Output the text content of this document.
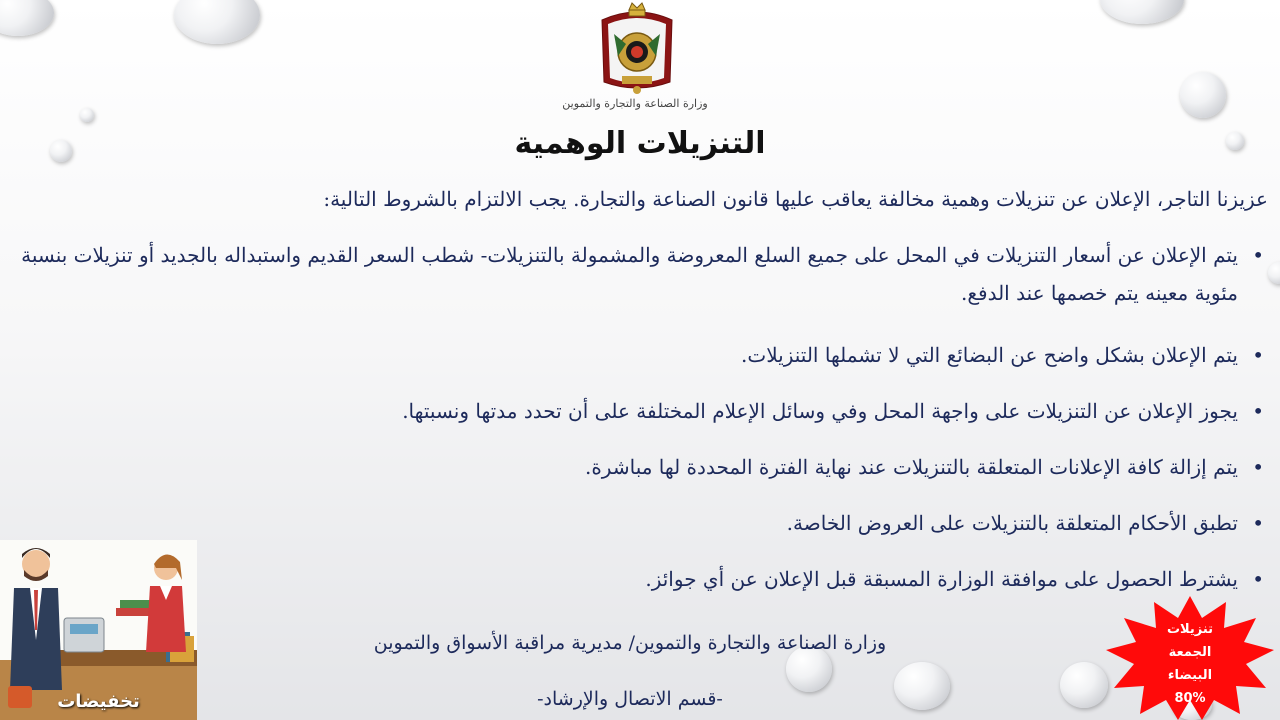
وزارة الصناعة والتجارة والتموين
التنزيلات الوهمية
عزيزنا التاجر، الإعلان عن تنزيلات وهمية مخالفة يعاقب عليها قانون الصناعة والتجارة. يجب الالتزام بالشروط التالية:
• يتم الإعلان عن أسعار التنزيلات في المحل على جميع السلع المعروضة والمشمولة بالتنزيلات- شطب السعر القديم واستبداله بالجديد أو تنزيلات بنسبة مئوية معينه يتم خصمها عند الدفع.
• يتم الإعلان بشكل واضح عن البضائع التي لا تشملها التنزيلات.
• يجوز الإعلان عن التنزيلات على واجهة المحل وفي وسائل الإعلام المختلفة على أن تحدد مدتها ونسبتها.
• يتم إزالة كافة الإعلانات المتعلقة بالتنزيلات عند نهاية الفترة المحددة لها مباشرة.
• تطبق الأحكام المتعلقة بالتنزيلات على العروض الخاصة.
• يشترط الحصول على موافقة الوزارة المسبقة قبل الإعلان عن أي جوائز.
وزارة الصناعة والتجارة والتموين/ مديرية مراقبة الأسواق والتموين
-قسم الاتصال والإرشاد-
تخفيضات
تنزيلات
الجمعة
البيضاء
80%
